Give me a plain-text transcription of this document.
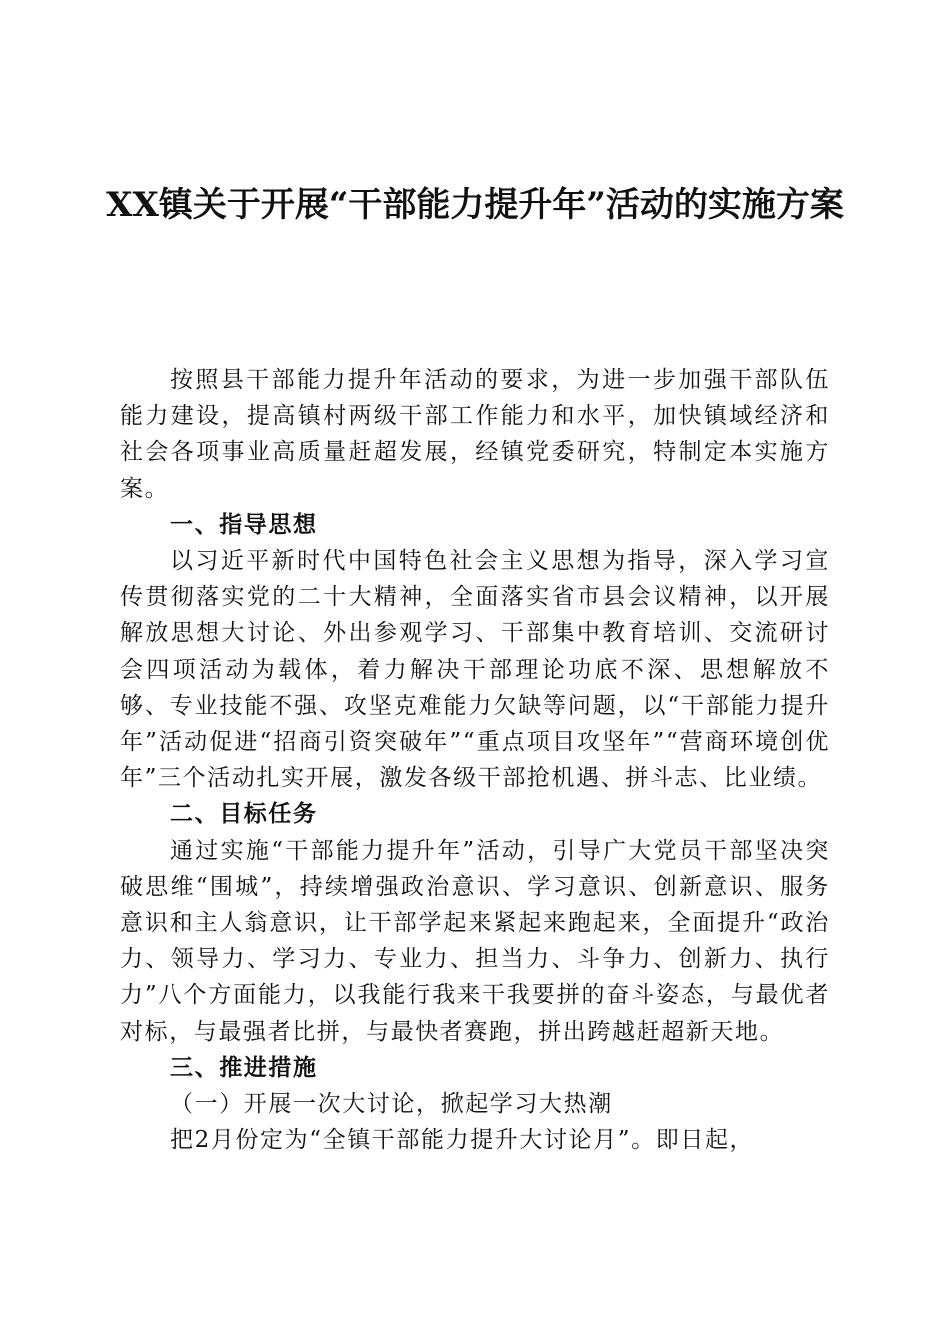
XX镇关于开展“干部能力提升年”活动的实施方案

按照县干部能力提升年活动的要求，为进一步加强干部队伍能力建设，提高镇村两级干部工作能力和水平，加快镇域经济和社会各项事业高质量赶超发展，经镇党委研究，特制定本实施方案。

一、指导思想

以习近平新时代中国特色社会主义思想为指导，深入学习宣传贯彻落实党的二十大精神，全面落实省市县会议精神，以开展解放思想大讨论、外出参观学习、干部集中教育培训、交流研讨会四项活动为载体，着力解决干部理论功底不深、思想解放不够、专业技能不强、攻坚克难能力欠缺等问题，以“干部能力提升年”活动促进“招商引资突破年”“重点项目攻坚年”“营商环境创优年”三个活动扎实开展，激发各级干部抢机遇、拼斗志、比业绩。

二、目标任务

通过实施“干部能力提升年”活动，引导广大党员干部坚决突破思维“围城”，持续增强政治意识、学习意识、创新意识、服务意识和主人翁意识，让干部学起来紧起来跑起来，全面提升“政治力、领导力、学习力、专业力、担当力、斗争力、创新力、执行力”八个方面能力，以我能行我来干我要拼的奋斗姿态，与最优者对标，与最强者比拼，与最快者赛跑，拼出跨越赶超新天地。

三、推进措施
（一）开展一次大讨论，掀起学习大热潮

把2月份定为“全镇干部能力提升大讨论月”。即日起，
